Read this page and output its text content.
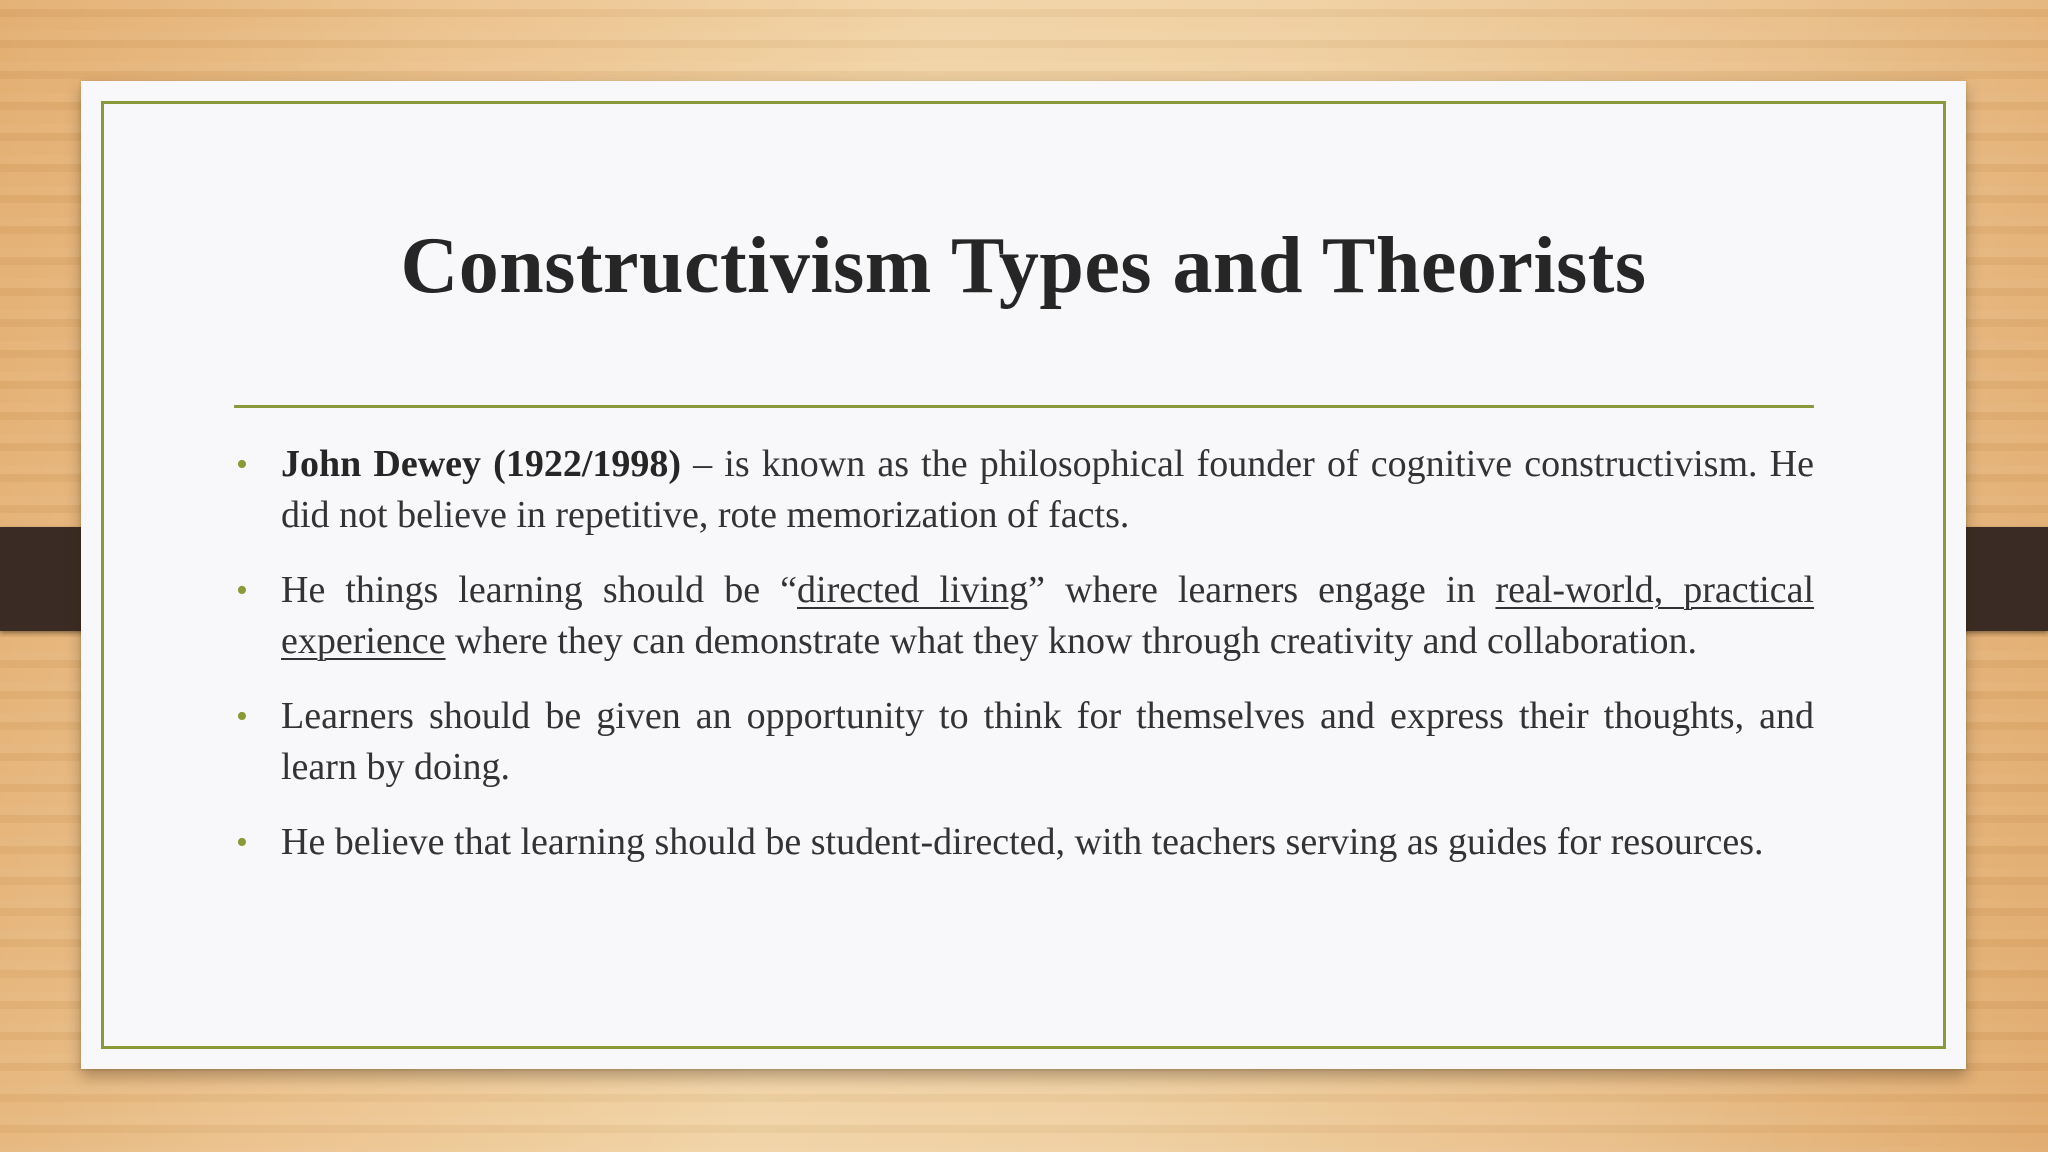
Constructivism Types and Theorists
• John Dewey (1922/1998) – is known as the philosophical founder of cognitive constructivism. He did not believe in repetitive, rote memorization of facts.
• He things learning should be “directed living” where learners engage in real-world, practical experience where they can demonstrate what they know through creativity and collaboration.
• Learners should be given an opportunity to think for themselves and express their thoughts, and learn by doing.
• He believe that learning should be student-directed, with teachers serving as guides for resources.
